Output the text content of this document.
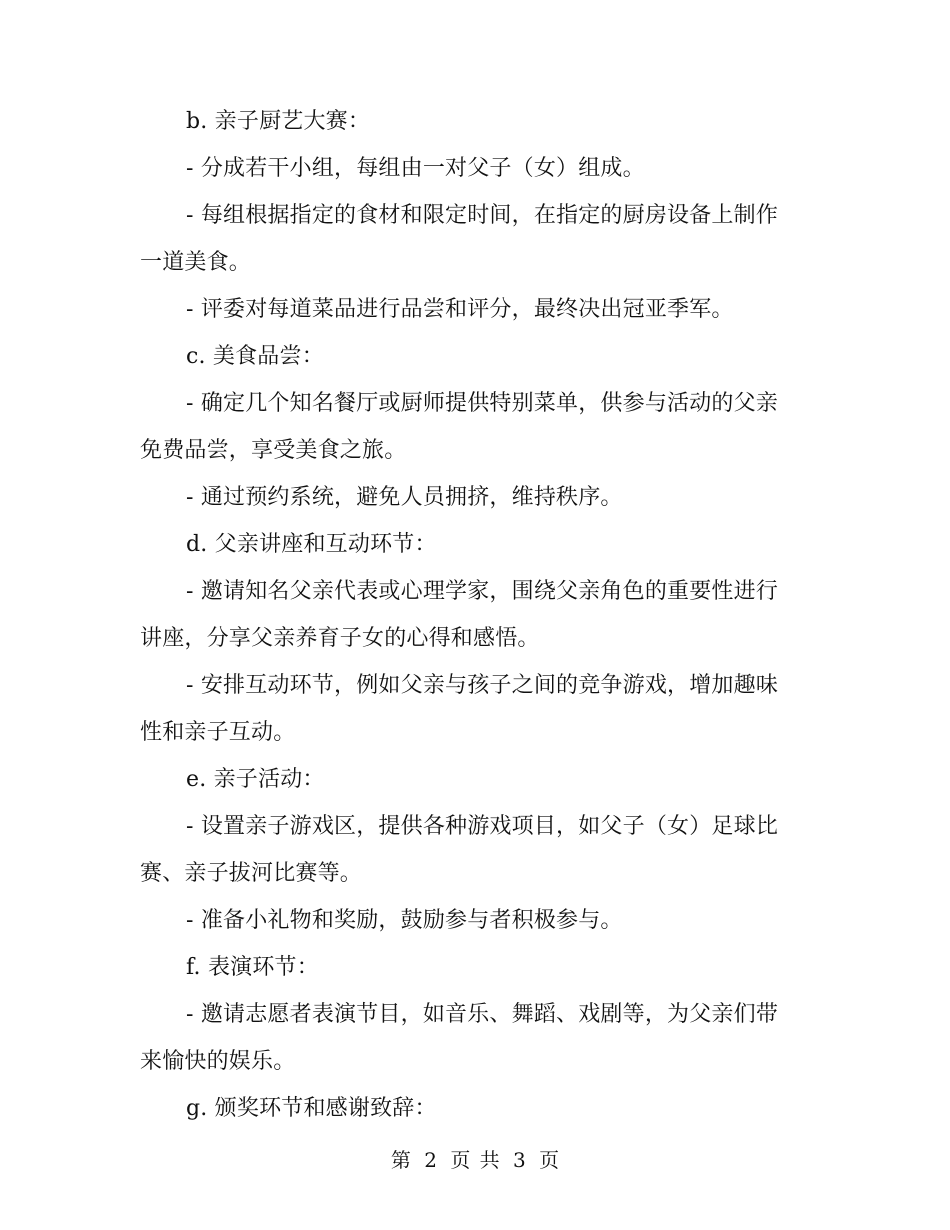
b. 亲子厨艺大赛：

- 分成若干小组，每组由一对父子（女）组成。

- 每组根据指定的食材和限定时间，在指定的厨房设备上制作一道美食。

- 评委对每道菜品进行品尝和评分，最终决出冠亚季军。

c. 美食品尝：

- 确定几个知名餐厅或厨师提供特别菜单，供参与活动的父亲免费品尝，享受美食之旅。

- 通过预约系统，避免人员拥挤，维持秩序。

d. 父亲讲座和互动环节：

- 邀请知名父亲代表或心理学家，围绕父亲角色的重要性进行讲座，分享父亲养育子女的心得和感悟。

- 安排互动环节，例如父亲与孩子之间的竞争游戏，增加趣味性和亲子互动。

e. 亲子活动：

- 设置亲子游戏区，提供各种游戏项目，如父子（女）足球比赛、亲子拔河比赛等。

- 准备小礼物和奖励，鼓励参与者积极参与。

f. 表演环节：

- 邀请志愿者表演节目，如音乐、舞蹈、戏剧等，为父亲们带来愉快的娱乐。

g. 颁奖环节和感谢致辞：

第 2 页 共 3 页
